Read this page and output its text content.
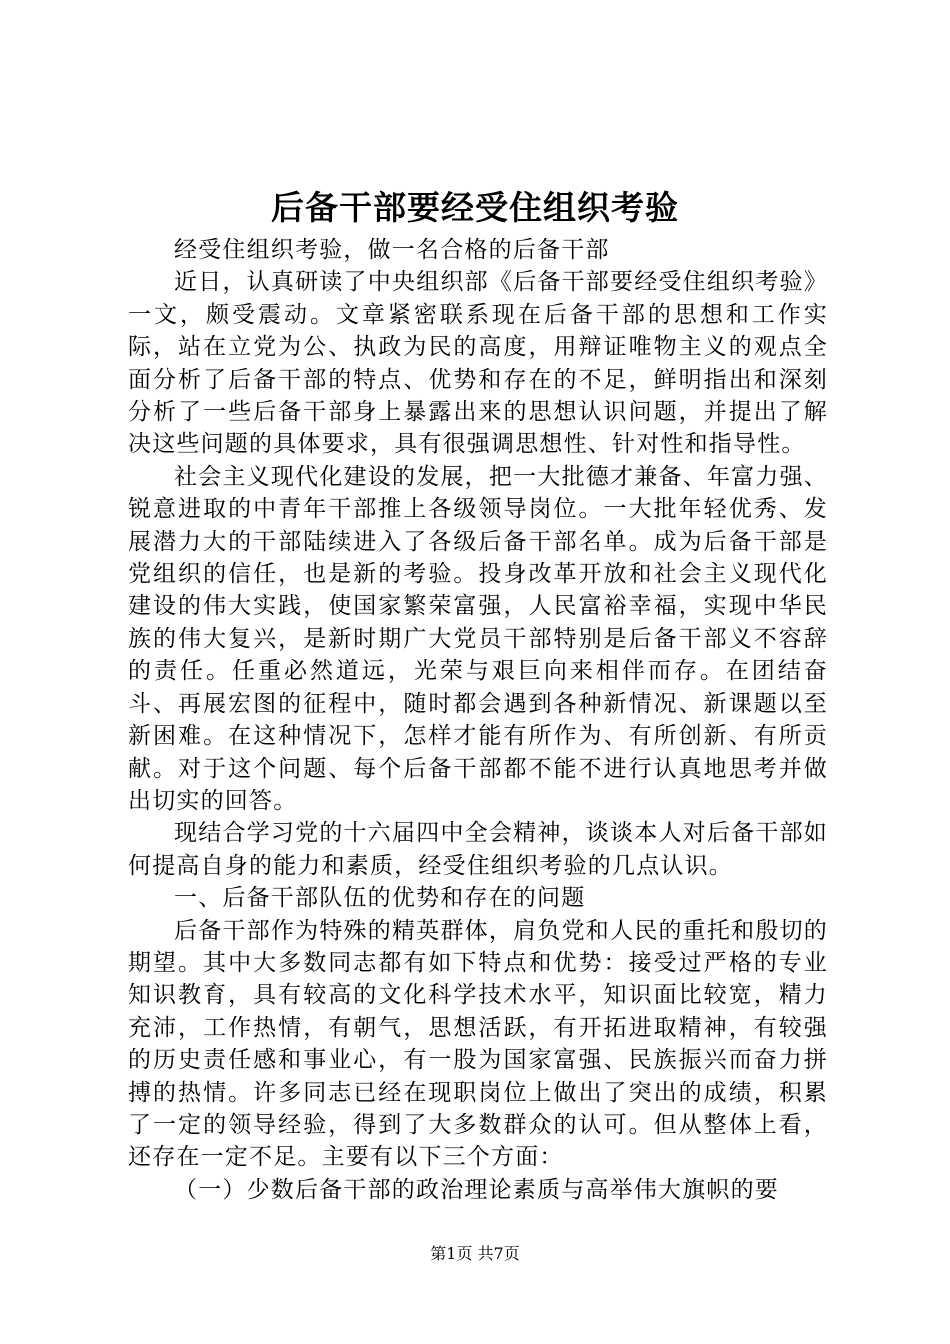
后备干部要经受住组织考验

经受住组织考验，做一名合格的后备干部

近日，认真研读了中央组织部《后备干部要经受住组织考验》一文，颇受震动。文章紧密联系现在后备干部的思想和工作实际，站在立党为公、执政为民的高度，用辩证唯物主义的观点全面分析了后备干部的特点、优势和存在的不足，鲜明指出和深刻分析了一些后备干部身上暴露出来的思想认识问题，并提出了解决这些问题的具体要求，具有很强调思想性、针对性和指导性。

社会主义现代化建设的发展，把一大批德才兼备、年富力强、锐意进取的中青年干部推上各级领导岗位。一大批年轻优秀、发展潜力大的干部陆续进入了各级后备干部名单。成为后备干部是党组织的信任，也是新的考验。投身改革开放和社会主义现代化建设的伟大实践，使国家繁荣富强，人民富裕幸福，实现中华民族的伟大复兴，是新时期广大党员干部特别是后备干部义不容辞的责任。任重必然道远，光荣与艰巨向来相伴而存。在团结奋斗、再展宏图的征程中，随时都会遇到各种新情况、新课题以至新困难。在这种情况下，怎样才能有所作为、有所创新、有所贡献。对于这个问题、每个后备干部都不能不进行认真地思考并做出切实的回答。

现结合学习党的十六届四中全会精神，谈谈本人对后备干部如何提高自身的能力和素质，经受住组织考验的几点认识。

一、后备干部队伍的优势和存在的问题

后备干部作为特殊的精英群体，肩负党和人民的重托和殷切的期望。其中大多数同志都有如下特点和优势：接受过严格的专业知识教育，具有较高的文化科学技术水平，知识面比较宽，精力充沛，工作热情，有朝气，思想活跃，有开拓进取精神，有较强的历史责任感和事业心，有一股为国家富强、民族振兴而奋力拼搏的热情。许多同志已经在现职岗位上做出了突出的成绩，积累了一定的领导经验，得到了大多数群众的认可。但从整体上看，还存在一定不足。主要有以下三个方面：

（一）少数后备干部的政治理论素质与高举伟大旗帜的要

第1页 共7页
